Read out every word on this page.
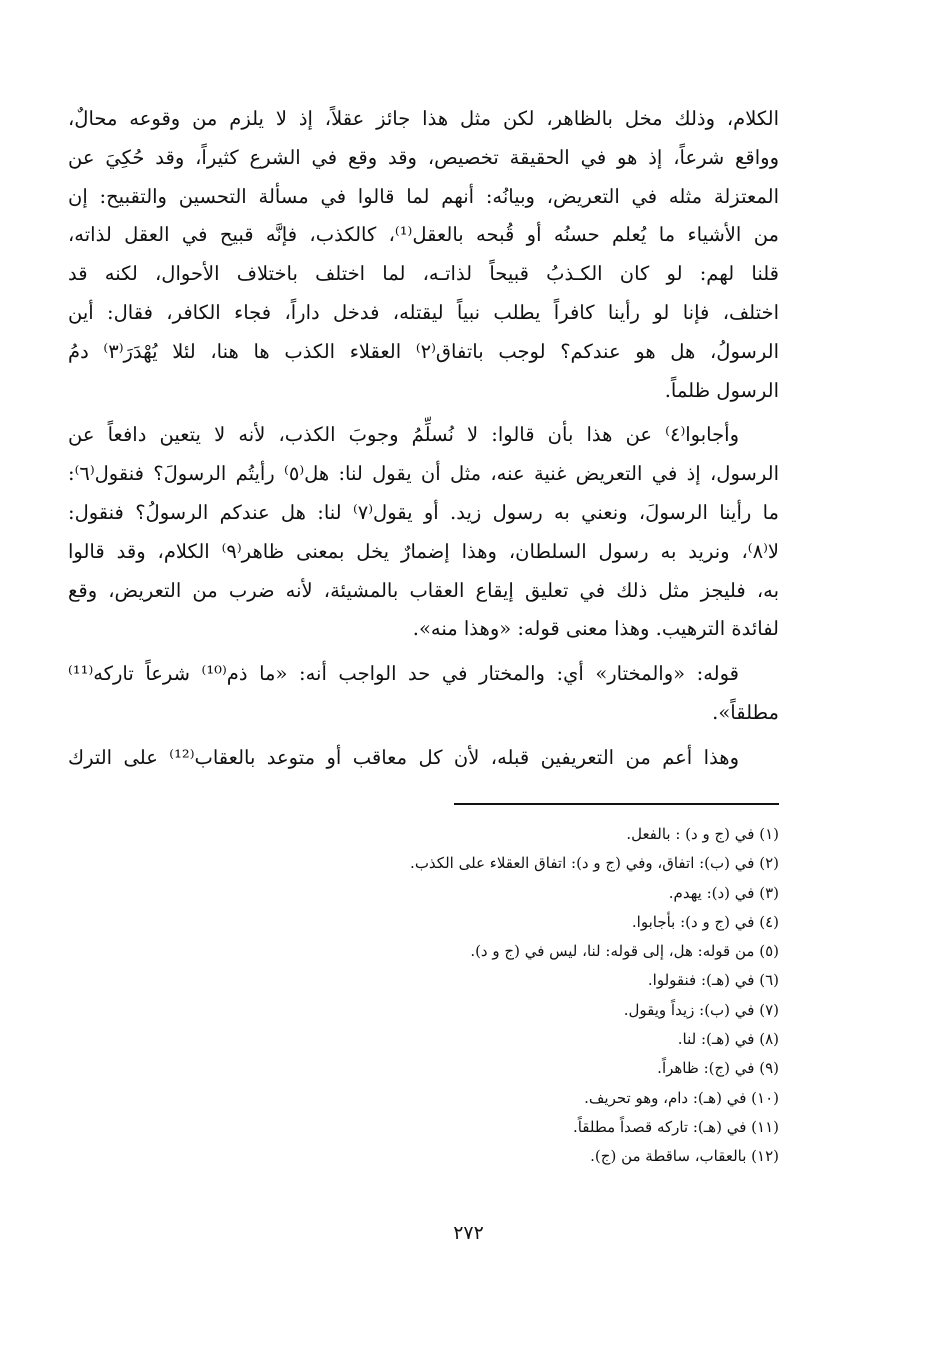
الكلام، وذلك مخل بالظاهر، لكن مثل هذا جائز عقلاً، إذ لا يلزم من وقوعه محالٌ،
وواقع شرعاً، إذ هو في الحقيقة تخصيص، وقد وقع في الشرع كثيراً، وقد حُكِيَ عن
المعتزلة مثله في التعريض، وبيانُه: أنهم لما قالوا في مسألة التحسين والتقبيح: إن
من الأشياء ما يُعلم حسنُه أو قُبحه بالعقل⁽¹⁾، كالكذب، فإنَّه قبيح في العقل لذاته،
قلنا لهم: لو كان الكـذبُ قبيحاً لذاتـه، لما اختلف باختلاف الأحوال، لكنه قد
اختلف، فإنا لو رأينا كافراً يطلب نبياً ليقتله، فدخل داراً، فجاء الكافر، فقال: أين
الرسولُ، هل هو عندكم؟ لوجب باتفاق⁽٢⁾ العقلاء الكذب ها هنا، لئلا يُهْدَرَ⁽٣⁾ دمُ
الرسول ظلماً.
وأجابوا⁽٤⁾ عن هذا بأن قالوا: لا نُسلِّمُ وجوبَ الكذب، لأنه لا يتعين دافعاً عن
الرسول، إذ في التعريض غنية عنه، مثل أن يقول لنا: هل⁽٥⁾ رأيتُم الرسولَ؟ فنقول⁽٦⁾:
ما رأينا الرسولَ، ونعني به رسول زيد. أو يقول⁽٧⁾ لنا: هل عندكم الرسولُ؟ فنقول:
لا⁽٨⁾، ونريد به رسول السلطان، وهذا إضمارٌ يخل بمعنى ظاهر⁽٩⁾ الكلام، وقد قالوا
به، فليجز مثل ذلك في تعليق إيقاع العقاب بالمشيئة، لأنه ضرب من التعريض، وقع
لفائدة الترهيب. وهذا معنى قوله: «وهذا منه».
قوله: «والمختار» أي: والمختار في حد الواجب أنه: «ما ذم⁽¹⁰⁾ شرعاً تاركه⁽¹¹⁾
مطلقاً».
وهذا أعم من التعريفين قبله، لأن كل معاقب أو متوعد بالعقاب⁽¹²⁾ على الترك
(١) في (ج و د) : بالفعل.
(٢) في (ب): اتفاق، وفي (ج و د): اتفاق العقلاء على الكذب.
(٣) في (د): يهدم.
(٤) في (ج و د): بأجابوا.
(٥) من قوله: هل، إلى قوله: لنا، ليس في (ج و د).
(٦) في (هـ): فنقولوا.
(٧) في (ب): زيداً ويقول.
(٨) في (هـ): لنا.
(٩) في (ج): ظاهراً.
(١٠) في (هـ): دام، وهو تحريف.
(١١) في (هـ): تاركه قصداً مطلقاً.
(١٢) بالعقاب، ساقطة من (ج).
٢٧٢
